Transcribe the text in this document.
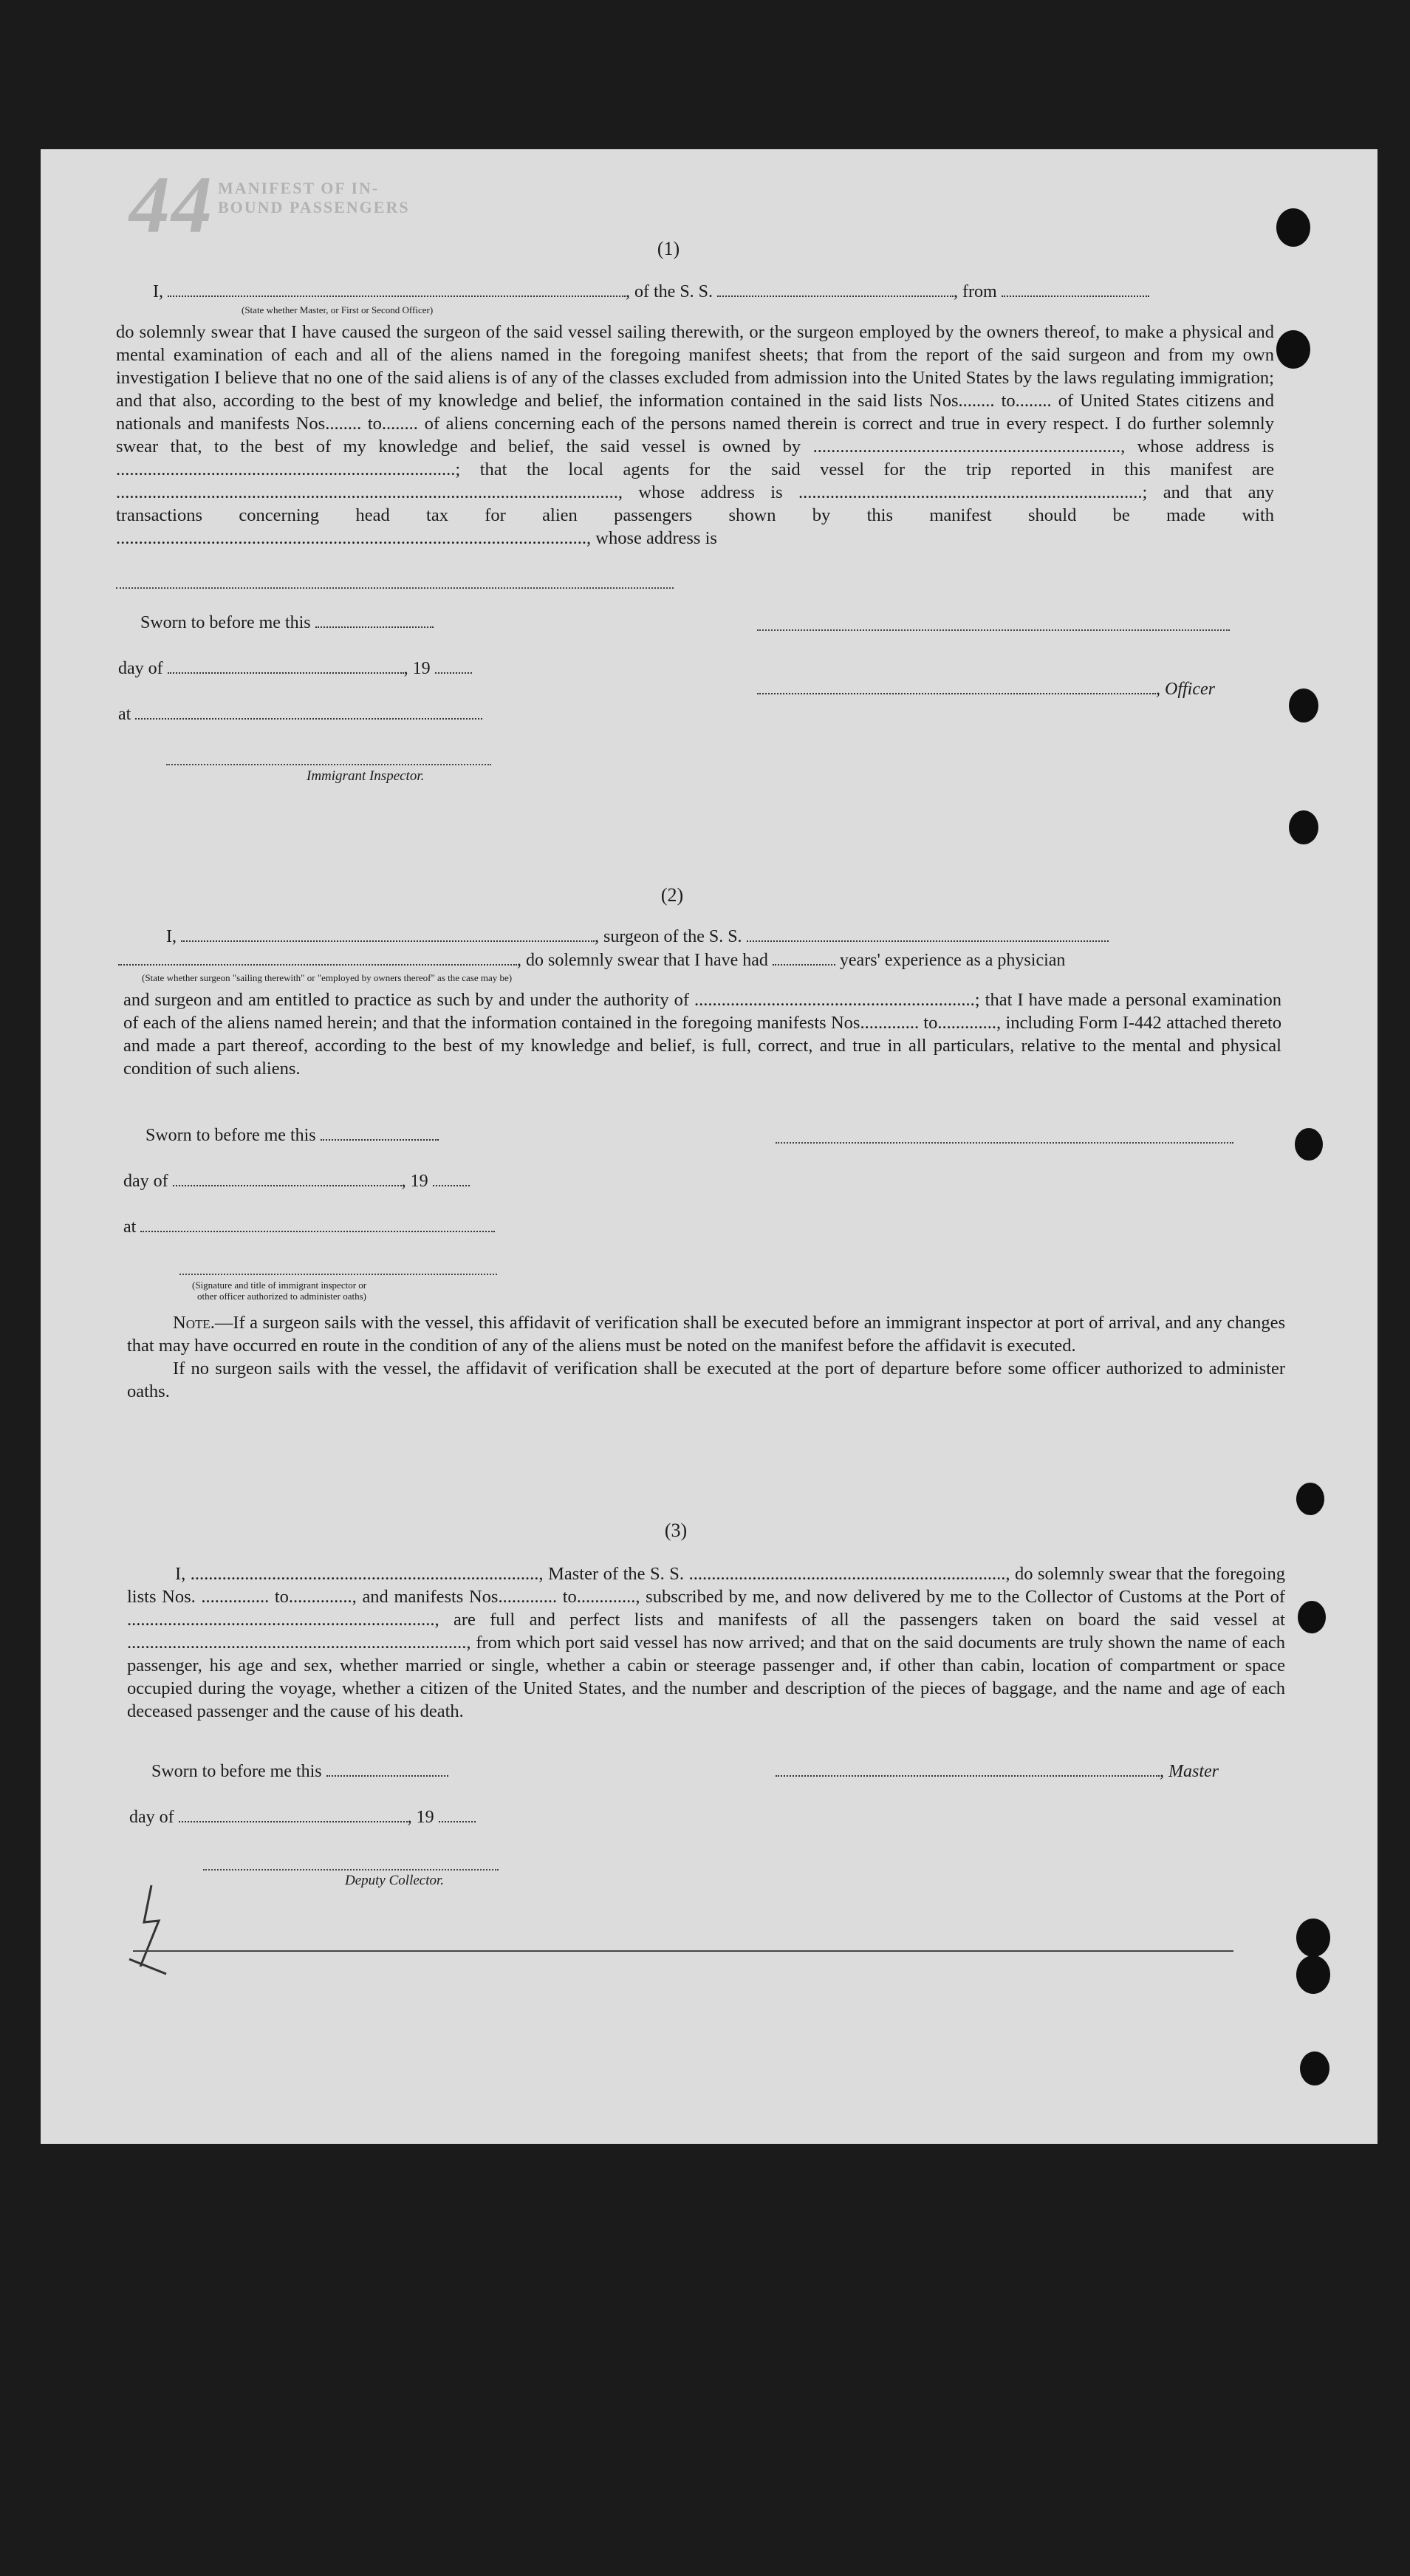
44 MANIFEST OF IN-BOUND PASSENGERS
(1)
I,	, of the S. S.	, from
(State whether Master, or First or Second Officer)

do solemnly swear that I have caused the surgeon of the said vessel sailing therewith, or the surgeon employed by the owners thereof, to make a physical and mental examination of each and all of the aliens named in the foregoing manifest sheets; that from the report of the said surgeon and from my own investigation I believe that no one of the said aliens is of any of the classes excluded from admission into the United States by the laws regulating immigration; and that also, according to the best of my knowledge and belief, the information contained in the said lists Nos........ to........ of United States citizens and nationals and manifests Nos........ to........ of aliens concerning each of the persons named therein is correct and true in every respect. I do further solemnly swear that, to the best of my knowledge and belief, the said vessel is owned by ...................................................................., whose address is ...........................................................................; that the local agents for the said vessel for the trip reported in this manifest are ..............................................................................................................., whose address is ............................................................................; and that any transactions concerning head tax for alien passengers shown by this manifest should be made with ........................................................................................................, whose address is

Sworn to before me this
day of	, 19
, Officer
at
Immigrant Inspector.
(2)
I,	, surgeon of the S. S.
, do solemnly swear that I have had	years' experience as a physician
(State whether surgeon "sailing therewith" or "employed by owners thereof" as the case may be)

and surgeon and am entitled to practice as such by and under the authority of ..............................................................; that I have made a personal examination of each of the aliens named herein; and that the information contained in the foregoing manifests Nos............. to............., including Form I-442 attached thereto and made a part thereof, according to the best of my knowledge and belief, is full, correct, and true in all particulars, relative to the mental and physical condition of such aliens.

Sworn to before me this
day of	, 19
at
(Signature and title of immigrant inspector or
other officer authorized to administer oaths)

Note.—If a surgeon sails with the vessel, this affidavit of verification shall be executed before an immigrant inspector at port of arrival, and any changes that may have occurred en route in the condition of any of the aliens must be noted on the manifest before the affidavit is executed.

If no surgeon sails with the vessel, the affidavit of verification shall be executed at the port of departure before some officer authorized to administer oaths.

(3)

I, ............................................................................., Master of the S. S. ......................................................................, do solemnly swear that the foregoing lists Nos. ............... to.............., and manifests Nos............. to............., subscribed by me, and now delivered by me to the Collector of Customs at the Port of ...................................................................., are full and perfect lists and manifests of all the passengers taken on board the said vessel at ..........................................................................., from which port said vessel has now arrived; and that on the said documents are truly shown the name of each passenger, his age and sex, whether married or single, whether a cabin or steerage passenger and, if other than cabin, location of compartment or space occupied during the voyage, whether a citizen of the United States, and the number and description of the pieces of baggage, and the name and age of each deceased passenger and the cause of his death.

Sworn to before me this	, Master
day of	, 19
Deputy Collector.
